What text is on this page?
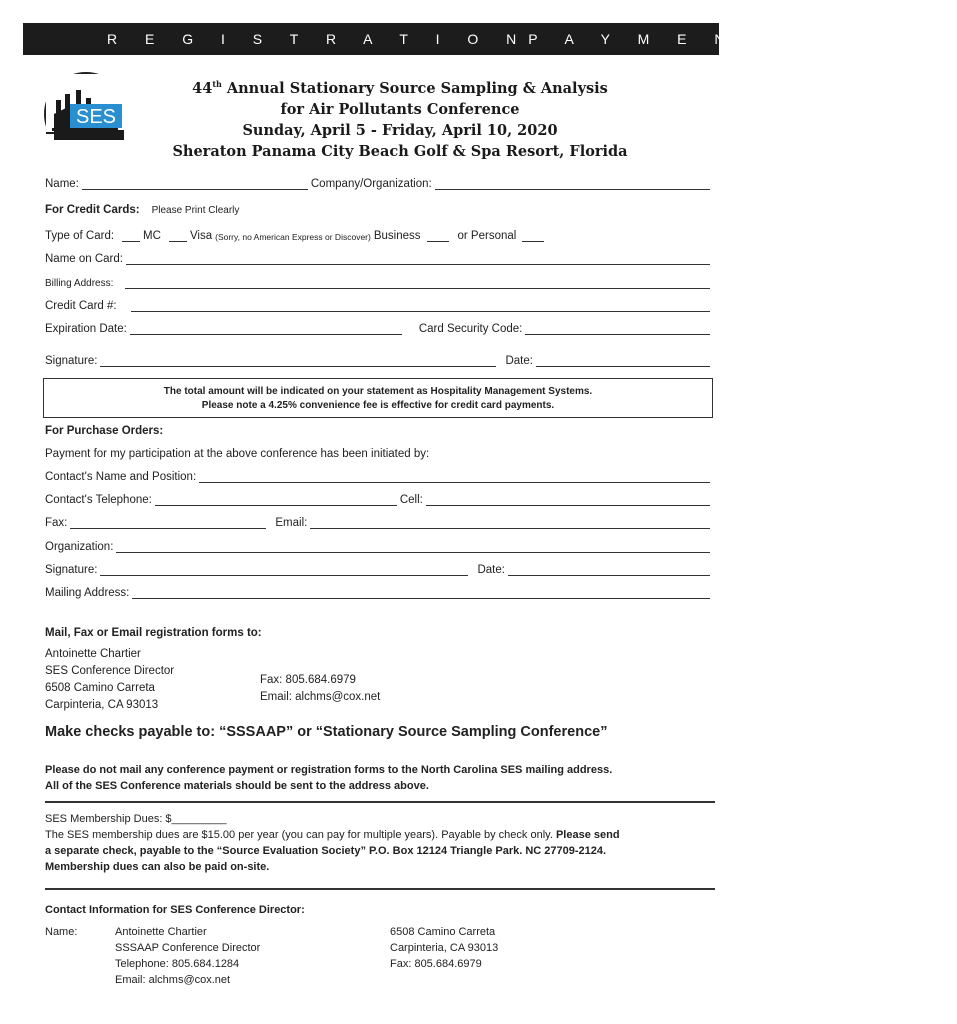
R E G I S T R A T I O N P A Y M E N T   F O R M
SES
44th Annual Stationary Source Sampling & Analysis
for Air Pollutants Conference
Sunday, April 5 - Friday, April 10, 2020
Sheraton Panama City Beach Golf & Spa Resort, Florida
Name:	Company/Organization:
For Credit Cards: Please Print Clearly
Type of Card:	MC	Visa (Sorry, no American Express or Discover) Business	or Personal
Name on Card:
Billing Address:
Credit Card #:
Expiration Date:	Card Security Code:
Signature:	Date:
The total amount will be indicated on your statement as Hospitality Management Systems.
Please note a 4.25% convenience fee is effective for credit card payments.
For Purchase Orders:
Payment for my participation at the above conference has been initiated by:
Contact's Name and Position:
Contact's Telephone:	Cell:
Fax:	Email:
Organization:
Signature:	Date:
Mailing Address:
Mail, Fax or Email registration forms to:
Antoinette Chartier
SES Conference Director
6508 Camino Carreta
Carpinteria, CA 93013
Fax: 805.684.6979
Email: alchms@cox.net
Make checks payable to: “SSSAAP” or “Stationary Source Sampling Conference”
Please do not mail any conference payment or registration forms to the North Carolina SES mailing address.
All of the SES Conference materials should be sent to the address above.
SES Membership Dues: $_________
The SES membership dues are $15.00 per year (you can pay for multiple years). Payable by check only. Please send
a separate check, payable to the “Source Evaluation Society” P.O. Box 12124 Triangle Park. NC 27709-2124.
Membership dues can also be paid on-site.
Contact Information for SES Conference Director:
Name:	Antoinette Chartier
SSSAAP Conference Director
Telephone: 805.684.1284
Email: alchms@cox.net
6508 Camino Carreta
Carpinteria, CA 93013
Fax: 805.684.6979
